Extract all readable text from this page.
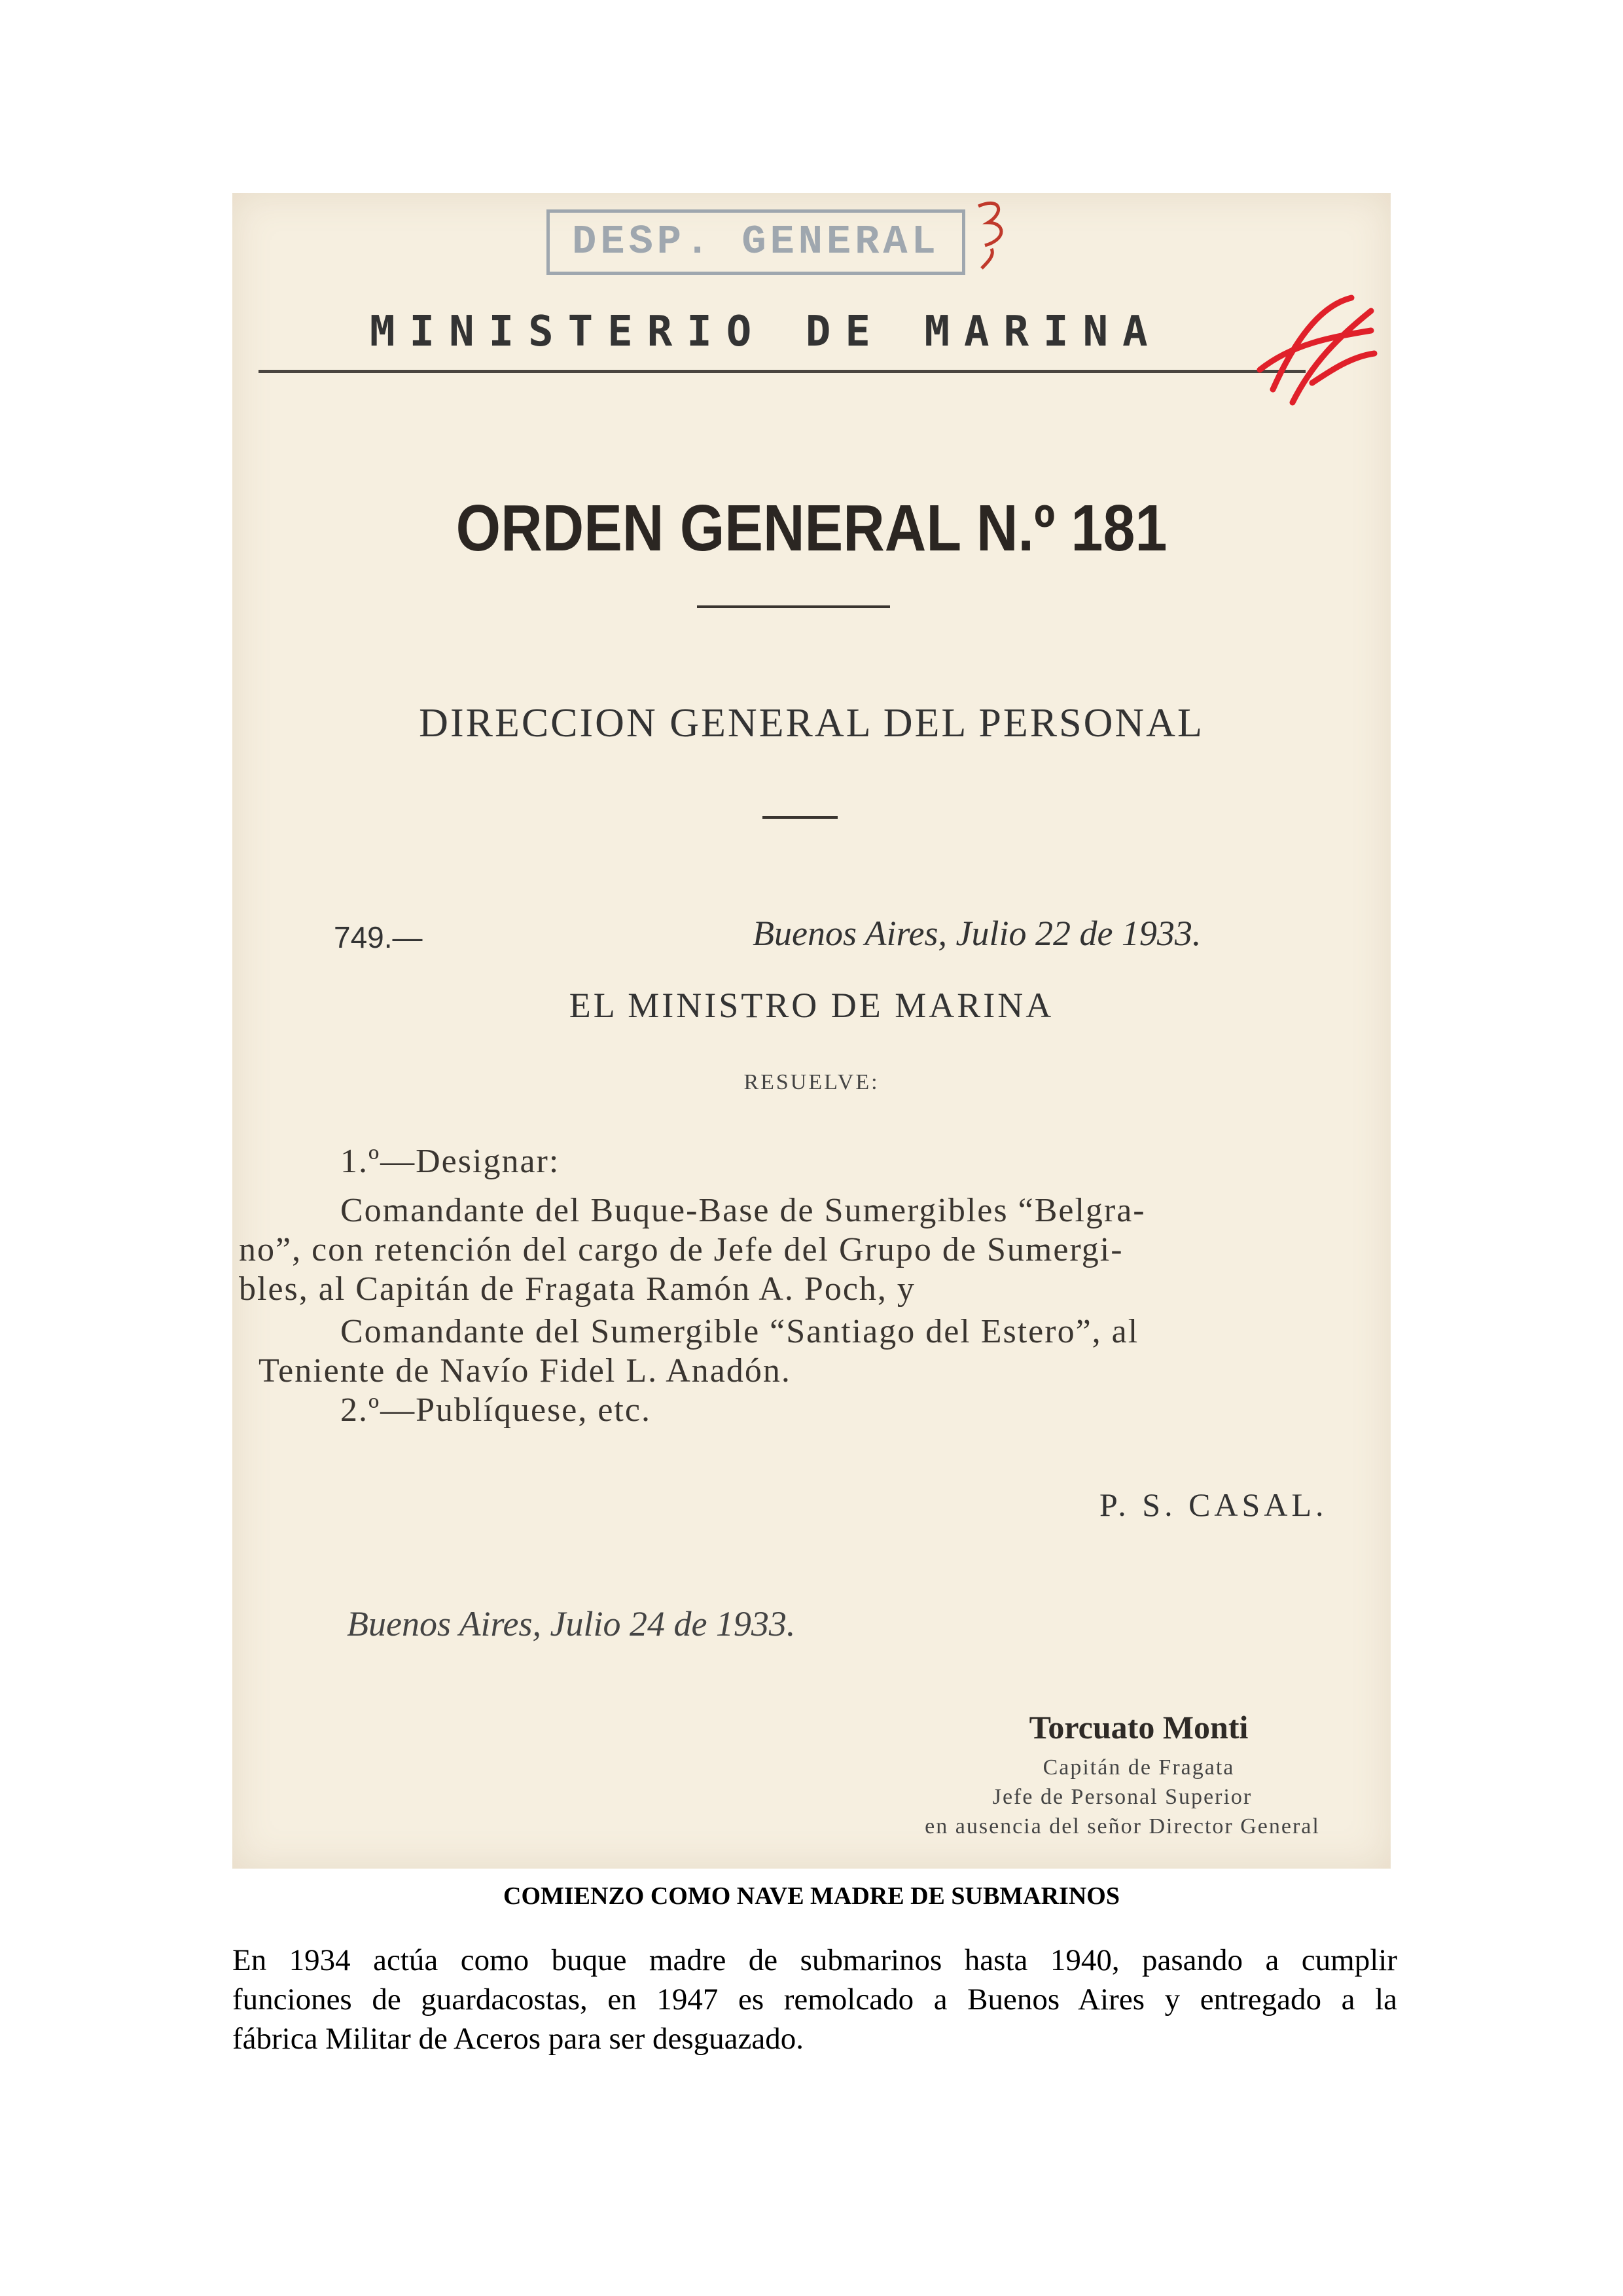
DESP. GENERAL
MINISTERIO DE MARINA
ORDEN GENERAL N.º 181
DIRECCION GENERAL DEL PERSONAL
749.—	Buenos Aires, Julio 22 de 1933.
EL MINISTRO DE MARINA
RESUELVE:
1.º—Designar:
Comandante del Buque-Base de Sumergibles “Belgra-
no”, con retención del cargo de Jefe del Grupo de Sumergi-
bles, al Capitán de Fragata Ramón A. Poch, y
Comandante del Sumergible “Santiago del Estero”, al
Teniente de Navío Fidel L. Anadón.
2.º—Publíquese, etc.
P. S. CASAL.
Buenos Aires, Julio 24 de 1933.
Torcuato Monti
Capitán de Fragata
Jefe de Personal Superior
en ausencia del señor Director General
COMIENZO COMO NAVE MADRE DE SUBMARINOS
En 1934 actúa como buque madre de submarinos hasta 1940, pasando a cumplir
funciones de guardacostas, en 1947 es remolcado a Buenos Aires y entregado a la
fábrica Militar de Aceros para ser desguazado.
